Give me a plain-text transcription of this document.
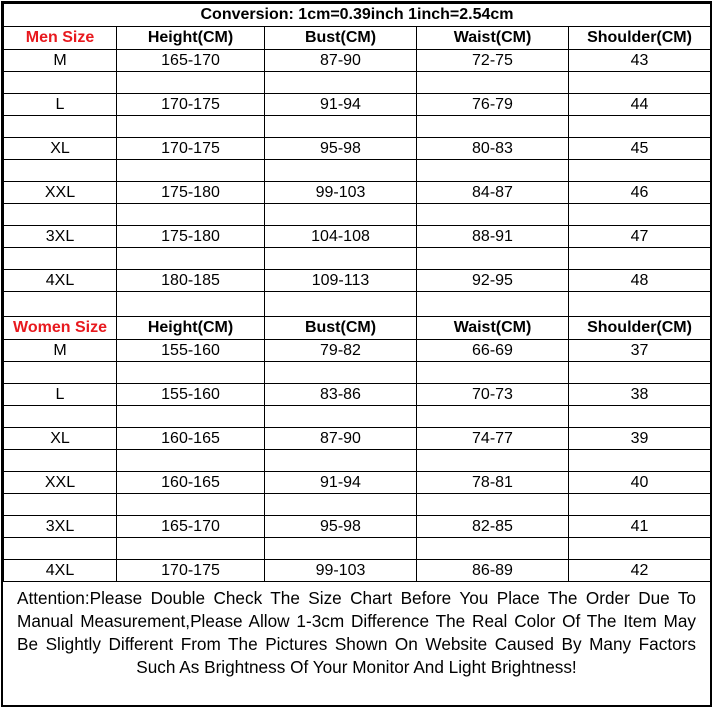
Conversion: 1cm=0.39inch 1inch=2.54cm				
Men Size	Height(CM)	Bust(CM)	Waist(CM)	Shoulder(CM)
M	165-170	87-90	72-75	43

L	170-175	91-94	76-79	44

XL	170-175	95-98	80-83	45

XXL	175-180	99-103	84-87	46

3XL	175-180	104-108	88-91	47

4XL	180-185	109-113	92-95	48

Women Size	Height(CM)	Bust(CM)	Waist(CM)	Shoulder(CM)
M	155-160	79-82	66-69	37

L	155-160	83-86	70-73	38

XL	160-165	87-90	74-77	39

XXL	160-165	91-94	78-81	40

3XL	165-170	95-98	82-85	41

4XL	170-175	99-103	86-89	42
Attention:Please Double Check The Size Chart Before You Place The Order Due To Manual Measurement,Please Allow 1-3cm Difference The Real Color Of The Item May Be Slightly Different From The Pictures Shown On Website Caused By Many Factors Such As Brightness Of Your Monitor And Light Brightness!
